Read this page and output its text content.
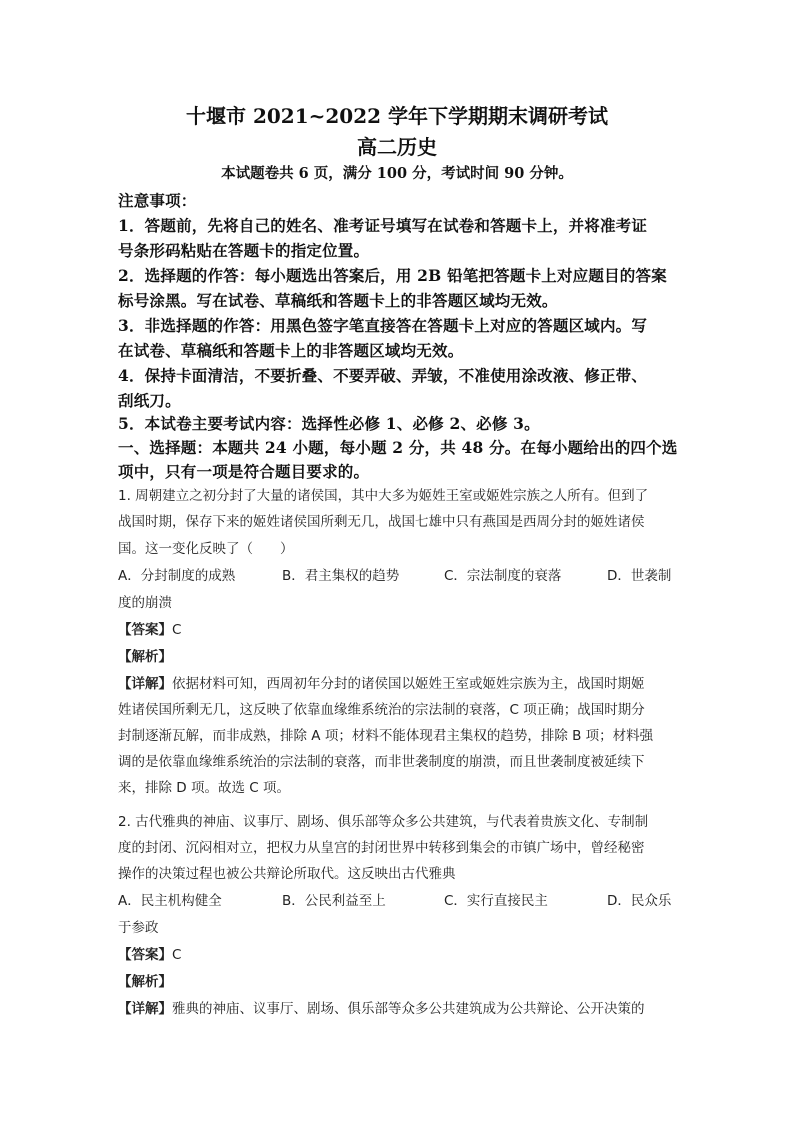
十堰市 2021~2022 学年下学期期末调研考试
高二历史
本试题卷共 6 页，满分 100 分，考试时间 90 分钟。
注意事项：
1．答题前，先将自己的姓名、准考证号填写在试卷和答题卡上，并将准考证
号条形码粘贴在答题卡的指定位置。
2．选择题的作答：每小题选出答案后，用 2B 铅笔把答题卡上对应题目的答案
标号涂黑。写在试卷、草稿纸和答题卡上的非答题区域均无效。
3．非选择题的作答：用黑色签字笔直接答在答题卡上对应的答题区域内。写
在试卷、草稿纸和答题卡上的非答题区域均无效。
4．保持卡面清洁，不要折叠、不要弄破、弄皱，不准使用涂改液、修正带、
刮纸刀。
5．本试卷主要考试内容：选择性必修 1、必修 2、必修 3。
一、选择题：本题共 24 小题，每小题 2 分，共 48 分。在每小题给出的四个选
项中，只有一项是符合题目要求的。
1. 周朝建立之初分封了大量的诸侯国，其中大多为姬姓王室或姬姓宗族之人所有。但到了
战国时期，保存下来的姬姓诸侯国所剩无几，战国七雄中只有燕国是西周分封的姬姓诸侯
国。这一变化反映了（　　）
A．分封制度的成熟	B．君主集权的趋势	C．宗法制度的衰落	D．世袭制
度的崩溃
【答案】C
【解析】
【详解】依据材料可知，西周初年分封的诸侯国以姬姓王室或姬姓宗族为主，战国时期姬
姓诸侯国所剩无几，这反映了依靠血缘维系统治的宗法制的衰落，C 项正确；战国时期分
封制逐渐瓦解，而非成熟，排除 A 项；材料不能体现君主集权的趋势，排除 B 项；材料强
调的是依靠血缘维系统治的宗法制的衰落，而非世袭制度的崩溃，而且世袭制度被延续下
来，排除 D 项。故选 C 项。
2. 古代雅典的神庙、议事厅、剧场、俱乐部等众多公共建筑，与代表着贵族文化、专制制
度的封闭、沉闷相对立，把权力从皇宫的封闭世界中转移到集会的市镇广场中，曾经秘密
操作的决策过程也被公共辩论所取代。这反映出古代雅典
A．民主机构健全	B．公民利益至上	C．实行直接民主	D．民众乐
于参政
【答案】C
【解析】
【详解】雅典的神庙、议事厅、剧场、俱乐部等众多公共建筑成为公共辩论、公开决策的
